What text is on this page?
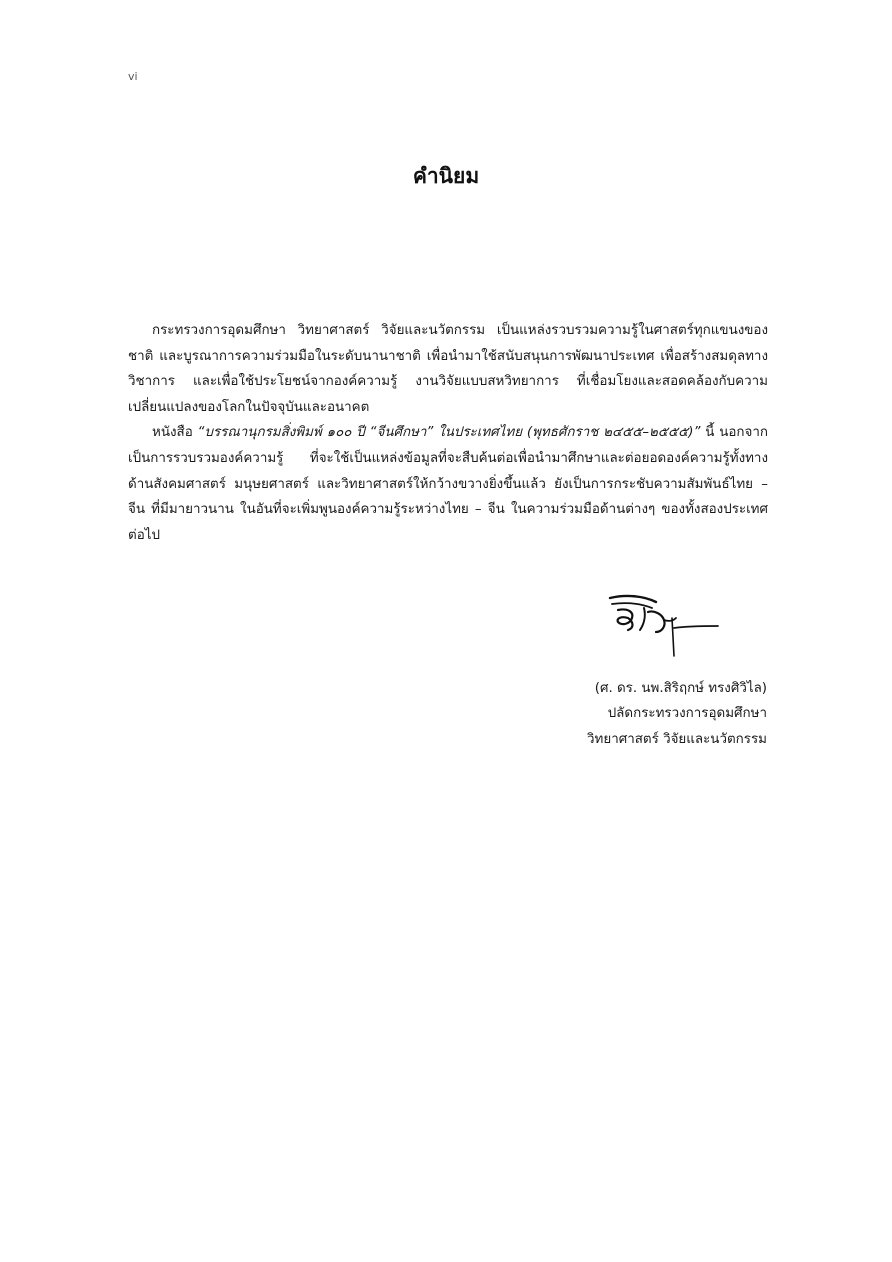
vi
คำนิยม

กระทรวงการอุดมศึกษา วิทยาศาสตร์ วิจัยและนวัตกรรม เป็นแหล่งรวบรวมความรู้ในศาสตร์ทุกแขนงของชาติ และบูรณาการความร่วมมือในระดับนานาชาติ เพื่อนำมาใช้สนับสนุนการพัฒนาประเทศ เพื่อสร้างสมดุลทางวิชาการ และเพื่อใช้ประโยชน์จากองค์ความรู้ งานวิจัยแบบสหวิทยาการ ที่เชื่อมโยงและสอดคล้องกับความเปลี่ยนแปลงของโลกในปัจจุบันและอนาคต

หนังสือ “บรรณานุกรมสิ่งพิมพ์ ๑๐๐ ปี “จีนศึกษา” ในประเทศไทย (พุทธศักราช ๒๔๕๕–๒๕๕๕)” นี้ นอกจากเป็นการรวบรวมองค์ความรู้ ที่จะใช้เป็นแหล่งข้อมูลที่จะสืบค้นต่อเพื่อนำมาศึกษาและต่อยอดองค์ความรู้ทั้งทางด้านสังคมศาสตร์ มนุษยศาสตร์ และวิทยาศาสตร์ให้กว้างขวางยิ่งขึ้นแล้ว ยังเป็นการกระชับความสัมพันธ์ไทย – จีน ที่มีมายาวนาน ในอันที่จะเพิ่มพูนองค์ความรู้ระหว่างไทย – จีน ในความร่วมมือด้านต่างๆ ของทั้งสองประเทศต่อไป

(ศ. ดร. นพ.สิริฤกษ์ ทรงศิวิไล)
ปลัดกระทรวงการอุดมศึกษา
วิทยาศาสตร์ วิจัยและนวัตกรรม
